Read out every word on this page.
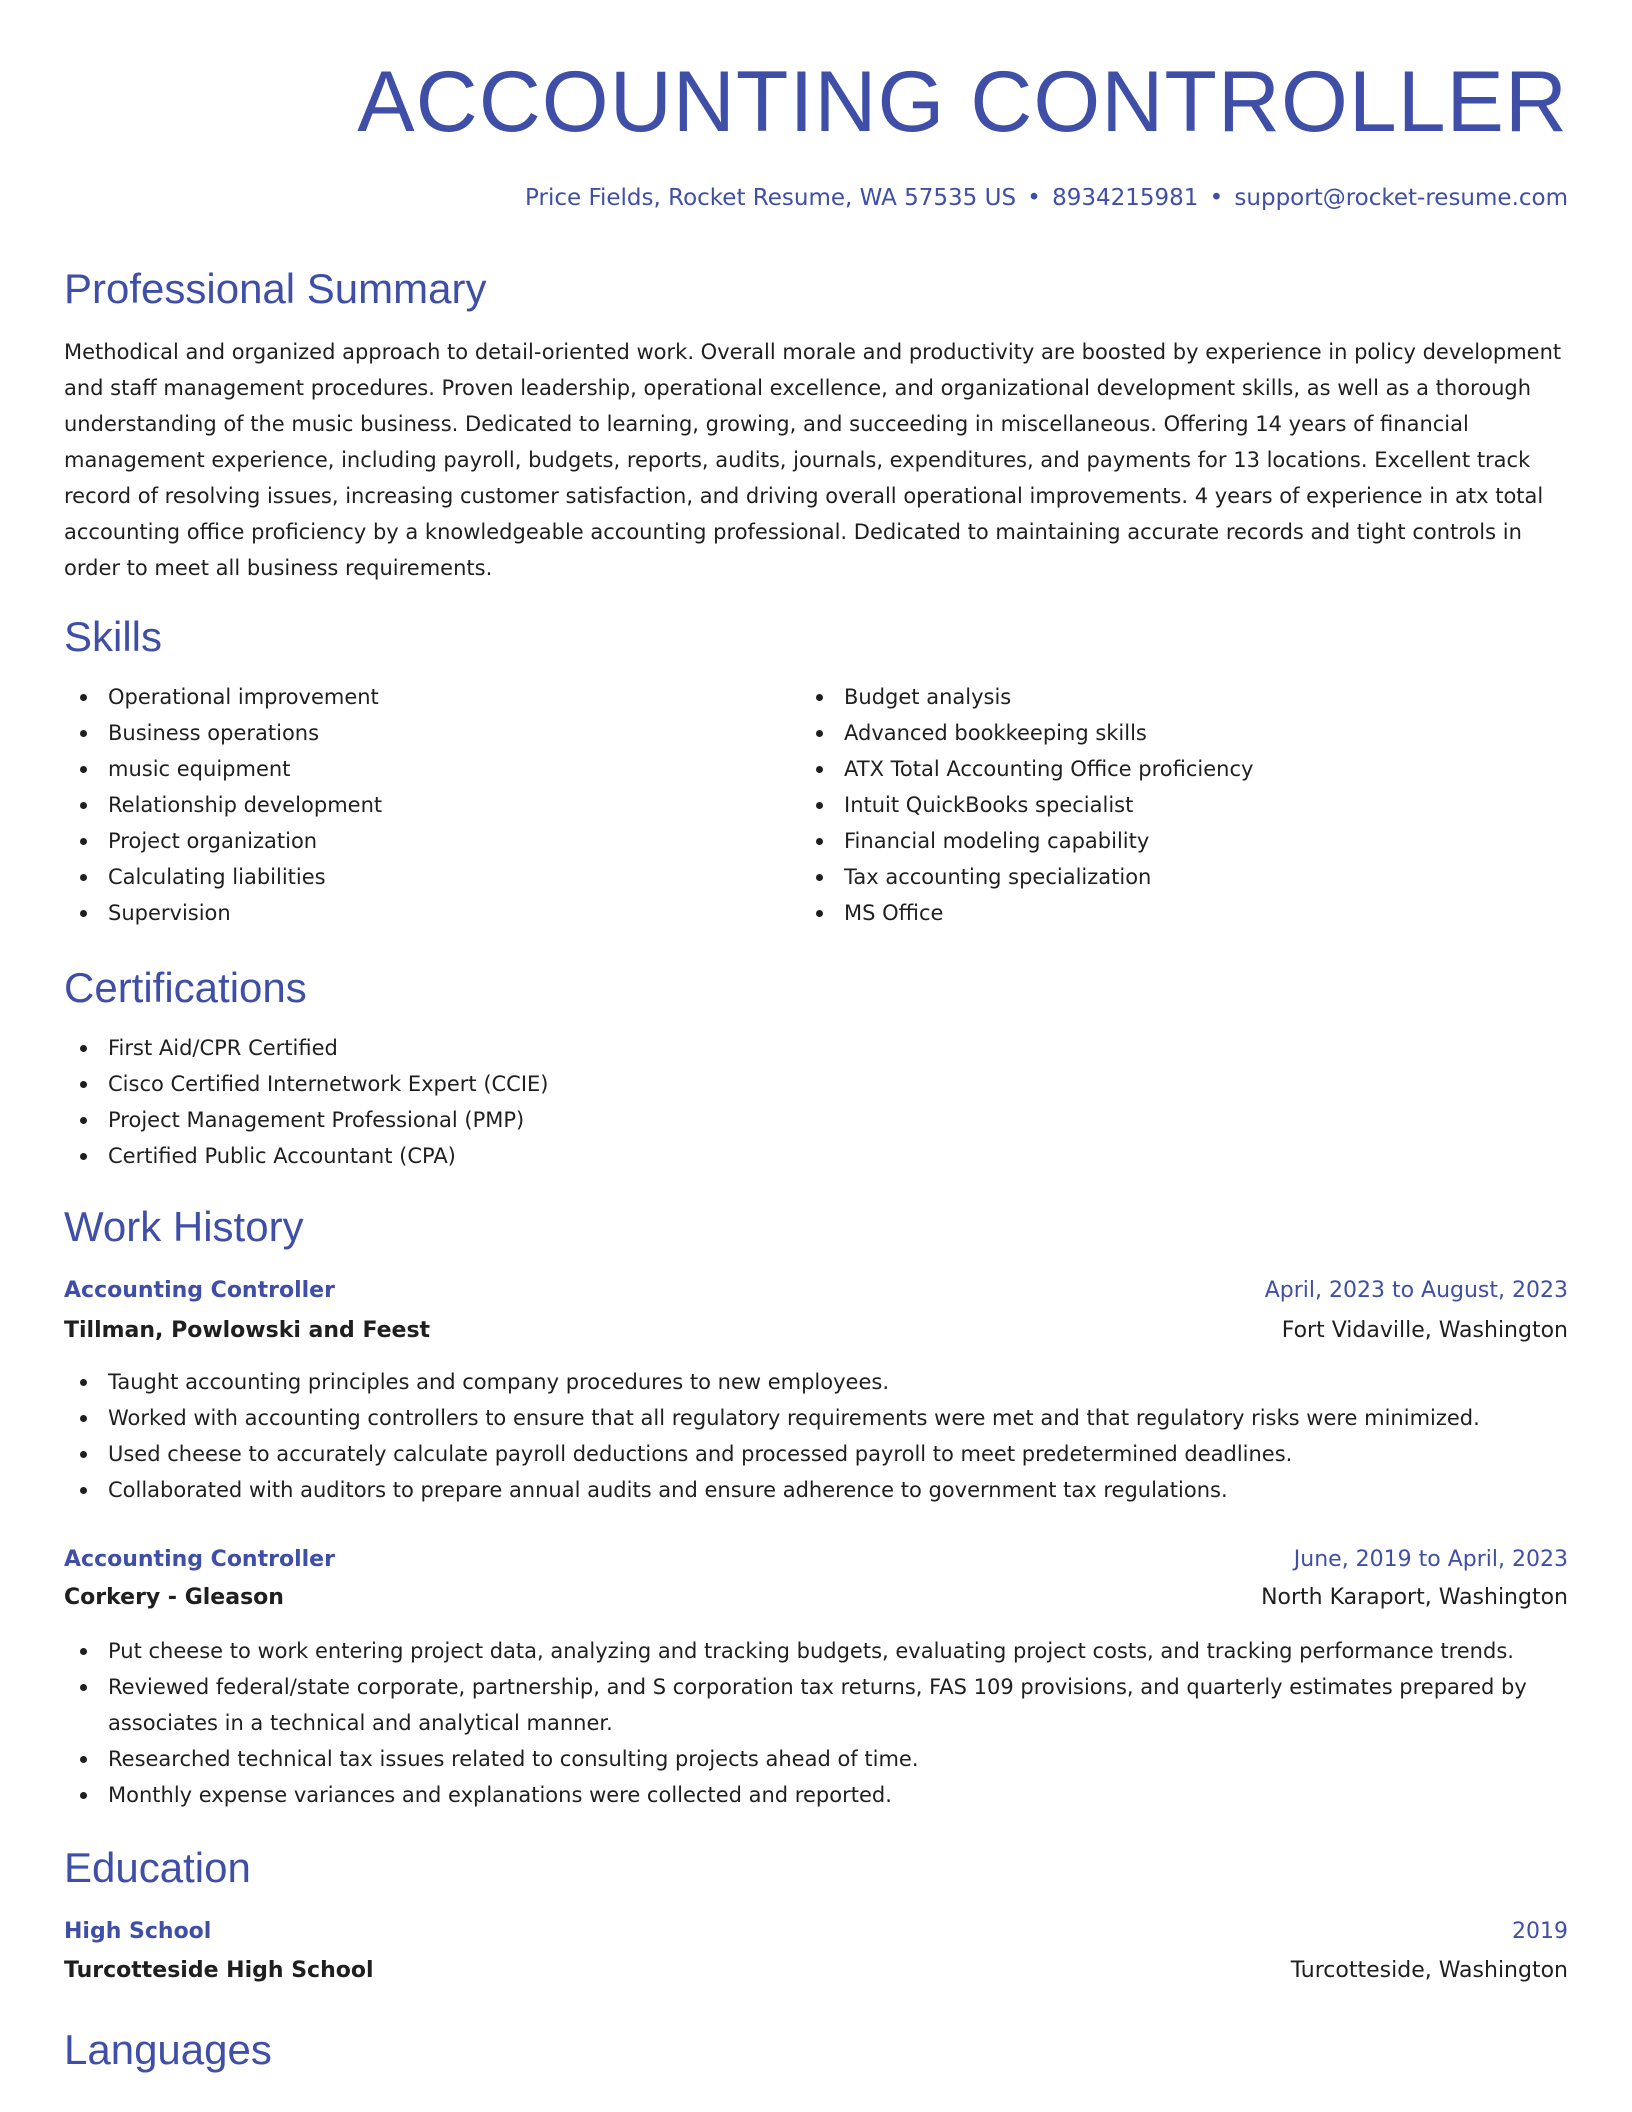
ACCOUNTING CONTROLLER
Price Fields, Rocket Resume, WA 57535 US • 8934215981 • support@rocket-resume.com
Professional Summary

Methodical and organized approach to detail-oriented work. Overall morale and productivity are boosted by experience in policy development and staff management procedures. Proven leadership, operational excellence, and organizational development skills, as well as a thorough understanding of the music business. Dedicated to learning, growing, and succeeding in miscellaneous. Offering 14 years of financial management experience, including payroll, budgets, reports, audits, journals, expenditures, and payments for 13 locations. Excellent track record of resolving issues, increasing customer satisfaction, and driving overall operational improvements. 4 years of experience in atx total accounting office proficiency by a knowledgeable accounting professional. Dedicated to maintaining accurate records and tight controls in order to meet all business requirements.

Skills
Operational improvement
Business operations
music equipment
Relationship development
Project organization
Calculating liabilities
Supervision
Budget analysis
Advanced bookkeeping skills
ATX Total Accounting Office proficiency
Intuit QuickBooks specialist
Financial modeling capability
Tax accounting specialization
MS Office
Certifications
First Aid/CPR Certified
Cisco Certified Internetwork Expert (CCIE)
Project Management Professional (PMP)
Certified Public Accountant (CPA)
Work History
Accounting Controller	April, 2023 to August, 2023
Tillman, Powlowski and Feest	Fort Vidaville, Washington
Taught accounting principles and company procedures to new employees.
Worked with accounting controllers to ensure that all regulatory requirements were met and that regulatory risks were minimized.
Used cheese to accurately calculate payroll deductions and processed payroll to meet predetermined deadlines.
Collaborated with auditors to prepare annual audits and ensure adherence to government tax regulations.
Accounting Controller	June, 2019 to April, 2023
Corkery - Gleason	North Karaport, Washington
Put cheese to work entering project data, analyzing and tracking budgets, evaluating project costs, and tracking performance trends.
Reviewed federal/state corporate, partnership, and S corporation tax returns, FAS 109 provisions, and quarterly estimates prepared by associates in a technical and analytical manner.
Researched technical tax issues related to consulting projects ahead of time.
Monthly expense variances and explanations were collected and reported.
Education
High School	2019
Turcotteside High School	Turcotteside, Washington
Languages
